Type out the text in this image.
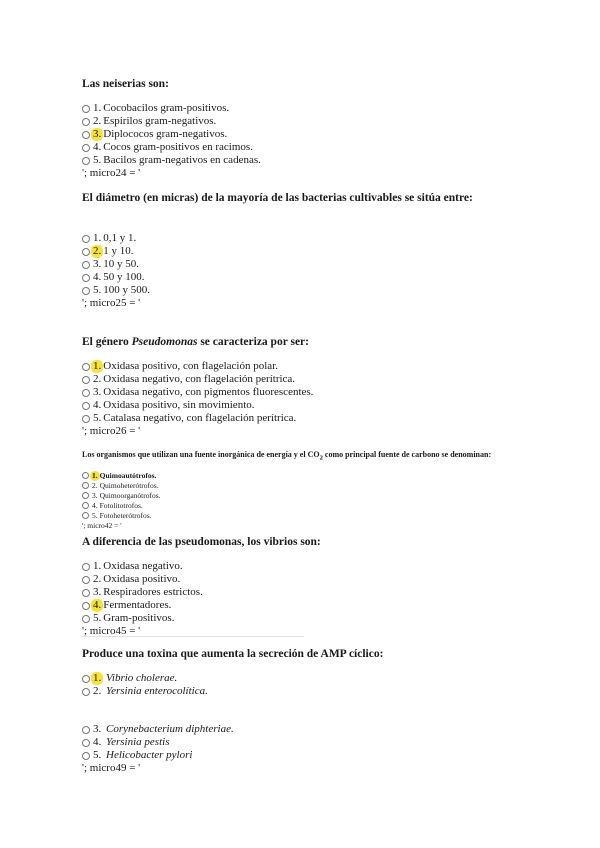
Las neiserias son:
1. Cocobacilos gram-positivos.
2. Espirilos gram-negativos.
3. Diplococos gram-negativos.
4. Cocos gram-positivos en racimos.
5. Bacilos gram-negativos en cadenas.
'; micro24 = '
El diámetro (en micras) de la mayoría de las bacterias cultivables se sitúa entre:
1. 0,1 y 1.
2. 1 y 10.
3. 10 y 50.
4. 50 y 100.
5. 100 y 500.
'; micro25 = '
El género Pseudomonas se caracteriza por ser:
1. Oxidasa positivo, con flagelación polar.
2. Oxidasa negativo, con flagelación perítrica.
3. Oxidasa negativo, con pigmentos fluorescentes.
4. Oxidasa positivo, sin movimiento.
5. Catalasa negativo, con flagelación perítrica.
'; micro26 = '
Los organismos que utilizan una fuente inorgánica de energía y el $CO_2$ como principal fuente de carbono se denominan:
1. Quimoautótrofos.
2. Quimoheterótrofos.
3. Quimoorganótrofos.
4. Fotolitotrofos.
5. Fotoheterótrofos.
'; micro42 = '
A diferencia de las pseudomonas, los vibrios son:
1. Oxidasa negativo.
2. Oxidasa positivo.
3. Respiradores estrictos.
4. Fermentadores.
5. Gram-positivos.
'; micro45 = '
Produce una toxina que aumenta la secreción de AMP cíclico:
1.
Vibrio cholerae.
2.
Yersinia enterocolítica.
3.
Corynebacterium diphteriae.
4.
Yersinia pestis
5.
Helicobacter pylori
'; micro49 = '
